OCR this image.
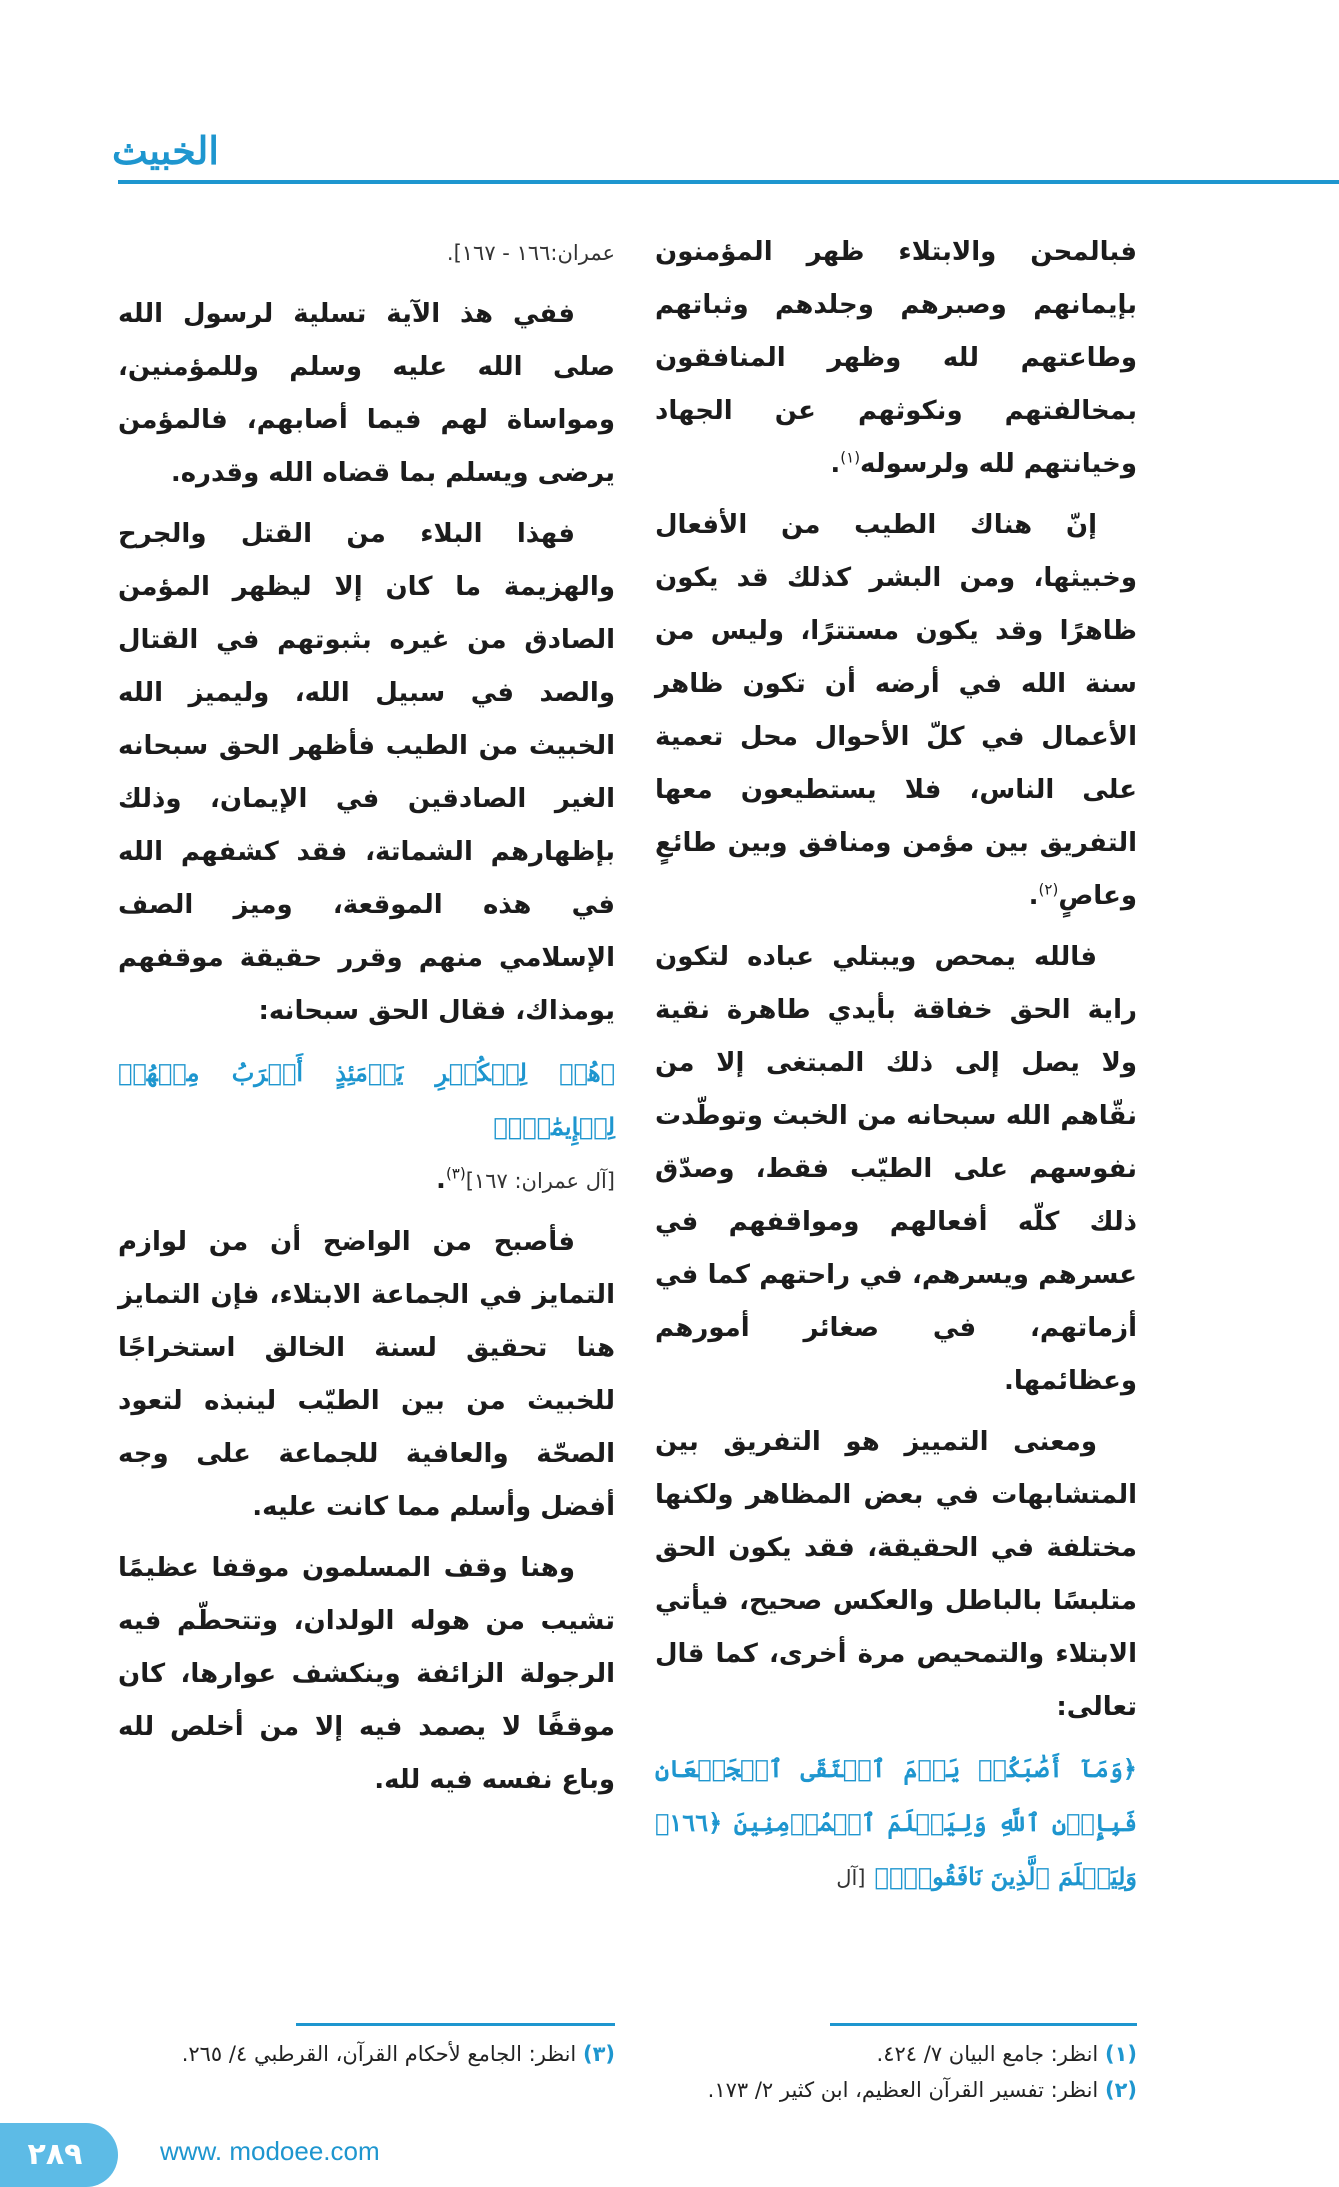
الخبيث

فبالمحن والابتلاء ظهر المؤمنون بإيمانهم وصبرهم وجلدهم وثباتهم وطاعتهم لله وظهر المنافقون بمخالفتهم ونكوثهم عن الجهاد وخيانتهم لله ولرسوله$^{(١)}$.

إنّ هناك الطيب من الأفعال وخبيثها، ومن البشر كذلك قد يكون ظاهرًا وقد يكون مستترًا، وليس من سنة الله في أرضه أن تكون ظاهر الأعمال في كلّ الأحوال محل تعمية على الناس، فلا يستطيعون معها التفريق بين مؤمن ومنافق وبين طائعٍ وعاصٍ$^{(٢)}$.

فالله يمحص ويبتلي عباده لتكون راية الحق خفاقة بأيدي طاهرة نقية ولا يصل إلى ذلك المبتغى إلا من نقّاهم الله سبحانه من الخبث وتوطّدت نفوسهم على الطيّب فقط، وصدّق ذلك كلّه أفعالهم ومواقفهم في عسرهم ويسرهم، في راحتهم كما في أزماتهم، في صغائر أمورهم وعظائمها.

ومعنى التمييز هو التفريق بين المتشابهات في بعض المظاهر ولكنها مختلفة في الحقيقة، فقد يكون الحق متلبسًا بالباطل والعكس صحيح، فيأتي الابتلاء والتمحيص مرة أخرى، كما قال تعالى:

﴿وَمَآ أَصَٰبَكُمۡ يَوۡمَ ٱلۡتَقَى ٱلۡجَمۡعَانِ فَبِإِذۡنِ ٱللَّهِ وَلِيَعۡلَمَ ٱلۡمُؤۡمِنِينَ ﴿١٦٦﴾ وَلِيَعۡلَمَ ٱلَّذِينَ نَافَقُواْۚ﴾ [آل

عمران:١٦٦ - ١٦٧].

ففي هذ الآية تسلية لرسول الله صلى الله عليه وسلم وللمؤمنين، ومواساة لهم فيما أصابهم، فالمؤمن يرضى ويسلم بما قضاه الله وقدره.

فهذا البلاء من القتل والجرح والهزيمة ما كان إلا ليظهر المؤمن الصادق من غيره بثبوتهم في القتال والصد في سبيل الله، وليميز الله الخبيث من الطيب فأظهر الحق سبحانه الغير الصادقين في الإيمان، وذلك بإظهارهم الشماتة، فقد كشفهم الله في هذه الموقعة، وميز الصف الإسلامي منهم وقرر حقيقة موقفهم يومذاك، فقال الحق سبحانه:

﴿هُمۡ لِلۡكُفۡرِ يَوۡمَئِذٍ أَقۡرَبُ مِنۡهُمۡ لِلۡإِيمَٰنِۚ﴾
[آل عمران: ١٦٧]$^{(٣)}$.

فأصبح من الواضح أن من لوازم التمايز في الجماعة الابتلاء، فإن التمايز هنا تحقيق لسنة الخالق استخراجًا للخبيث من بين الطيّب لينبذه لتعود الصحّة والعافية للجماعة على وجه أفضل وأسلم مما كانت عليه.

وهنا وقف المسلمون موقفا عظيمًا تشيب من هوله الولدان، وتتحطّم فيه الرجولة الزائفة وينكشف عوارها، كان موقفًا لا يصمد فيه إلا من أخلص لله وباع نفسه فيه لله.

(١) انظر: جامع البيان ٧/ ٤٢٤.
(٢) انظر: تفسير القرآن العظيم، ابن كثير ٢/ ١٧٣.
(٣) انظر: الجامع لأحكام القرآن، القرطبي ٤/ ٢٦٥.
٢٨٩	www. modoee.com
